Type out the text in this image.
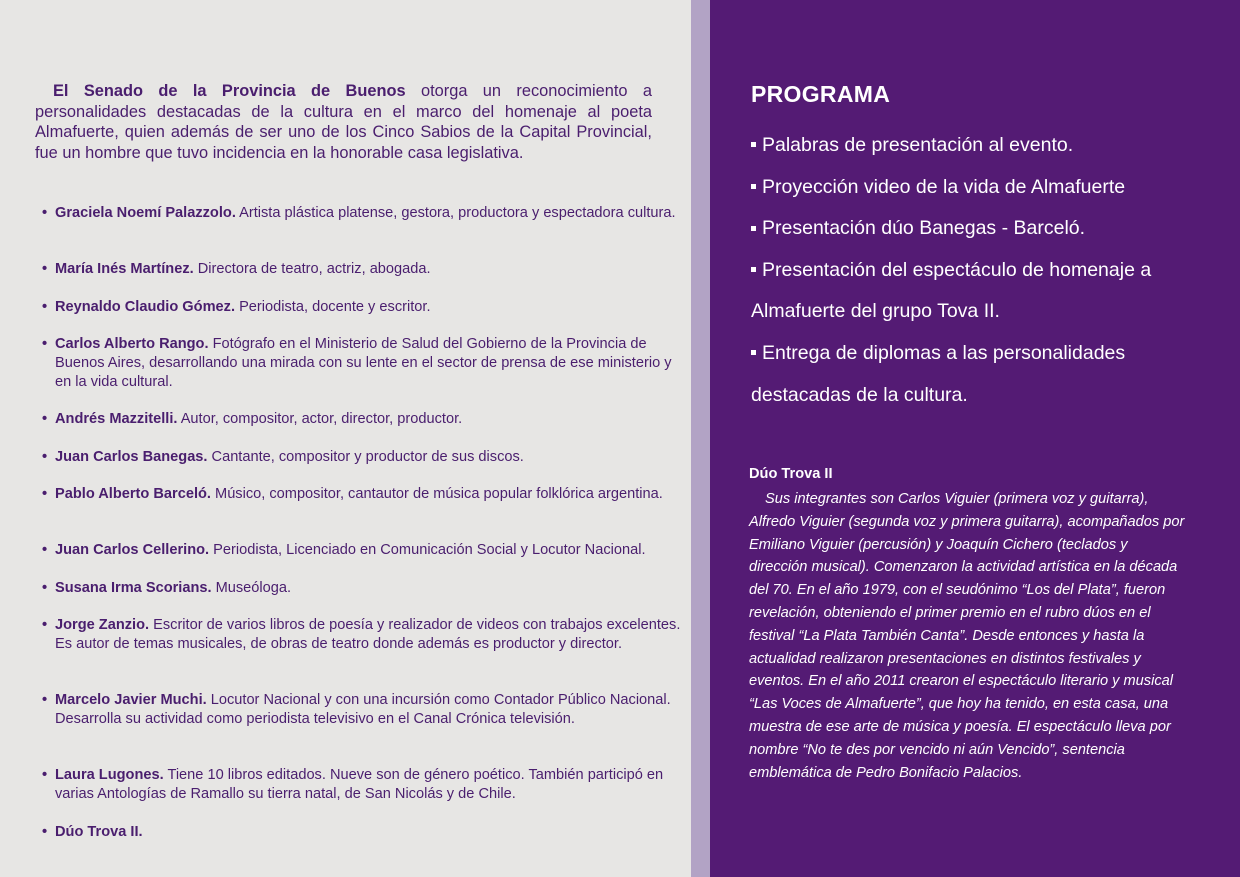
El Senado de la Provincia de Buenos otorga un reconocimiento a personalidades destacadas de la cultura en el marco del homenaje al poeta Almafuerte, quien además de ser uno de los Cinco Sabios de la Capital Provincial, fue un hombre que tuvo incidencia en la honorable casa legislativa.

• Graciela Noemí Palazzolo. Artista plástica platense, gestora, productora y espectadora cultura.
• María Inés Martínez. Directora de teatro, actriz, abogada.
• Reynaldo Claudio Gómez. Periodista, docente y escritor.
• Carlos Alberto Rango. Fotógrafo en el Ministerio de Salud del Gobierno de la Provincia de Buenos Aires, desarrollando una mirada con su lente en el sector de prensa de ese ministerio y en la vida cultural.
• Andrés Mazzitelli. Autor, compositor, actor, director, productor.
• Juan Carlos Banegas. Cantante, compositor y productor de sus discos.
• Pablo Alberto Barceló. Músico, compositor, cantautor de música popular folklórica argentina.
• Juan Carlos Cellerino. Periodista, Licenciado en Comunicación Social y Locutor Nacional.
• Susana Irma Scorians. Museóloga.
• Jorge Zanzio. Escritor de varios libros de poesía y realizador de videos con trabajos excelentes. Es autor de temas musicales, de obras de teatro donde además es productor y director.
• Marcelo Javier Muchi. Locutor Nacional y con una incursión como Contador Público Nacional. Desarrolla su actividad como periodista televisivo en el Canal Crónica televisión.
• Laura Lugones. Tiene 10 libros editados. Nueve son de género poético. También participó en varias Antologías de Ramallo su tierra natal, de San Nicolás y de Chile.
• Dúo Trova II.
PROGRAMA
Palabras de presentación al evento.
Proyección video de la vida de Almafuerte
Presentación dúo Banegas - Barceló.
Presentación del espectáculo de homenaje a Almafuerte del grupo Tova II.
Entrega de diplomas a las personalidades destacadas de la cultura.
Dúo Trova II

Sus integrantes son Carlos Viguier (primera voz y guitarra), Alfredo Viguier (segunda voz y primera guitarra), acompañados por Emiliano Viguier (percusión) y Joaquín Cichero (teclados y dirección musical). Comenzaron la actividad artística en la década del 70. En el año 1979, con el seudónimo “Los del Plata”, fueron revelación, obteniendo el primer premio en el rubro dúos en el festival “La Plata También Canta”. Desde entonces y hasta la actualidad realizaron presentaciones en distintos festivales y eventos. En el año 2011 crearon el espectáculo literario y musical “Las Voces de Almafuerte”, que hoy ha tenido, en esta casa, una muestra de ese arte de música y poesía. El espectáculo lleva por nombre “No te des por vencido ni aún Vencido”, sentencia emblemática de Pedro Bonifacio Palacios.
